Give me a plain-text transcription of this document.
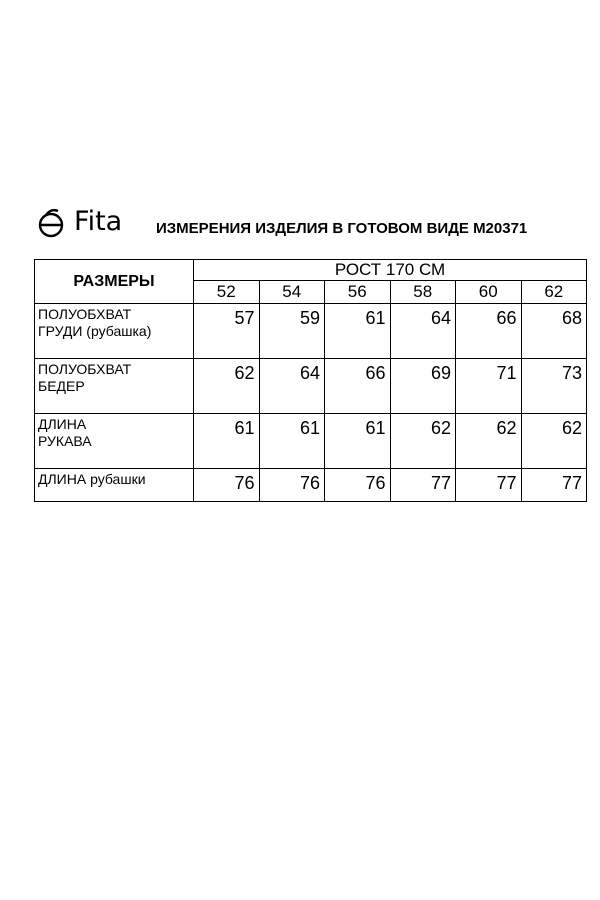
Fita ИЗМЕРЕНИЯ ИЗДЕЛИЯ В ГОТОВОМ ВИДЕ M20371
РАЗМЕРЫ	РОСТ 170 СМ					
	52	54	56	58	60	62

ПОЛУОБХВАТ
ГРУДИ (рубашка)	57	59	61	64	66	68

ПОЛУОБХВАТ
БЕДЕР	62	64	66	69	71	73

ДЛИНА
РУКАВА	61	61	61	62	62	62

ДЛИНА рубашки	76	76	76	77	77	77
